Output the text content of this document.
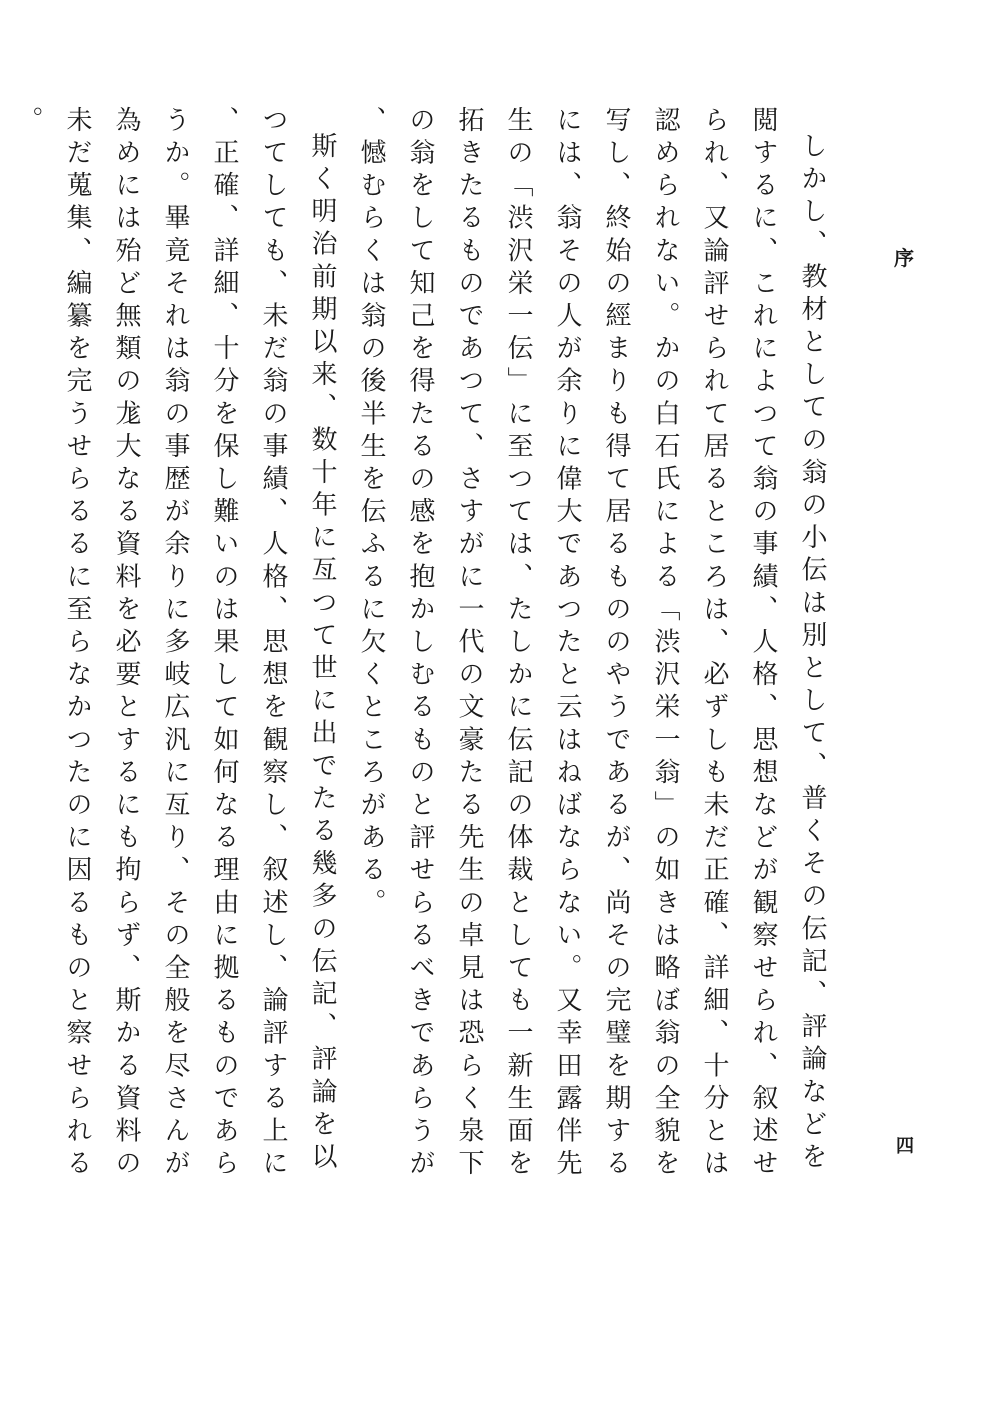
序

しかし、教材としての翁の小伝は別として、普くその伝記、評論などを閲するに、これによつて翁の事績、人格、思想などが観察せられ、叙述せられ、又論評せられて居るところは、必ずしも未だ正確、詳細、十分とは認められない。かの白石氏による「渋沢栄一翁」の如きは略ぼ翁の全貌を写し、終始の經まりも得て居るもののやうであるが、尚その完璧を期するには、翁その人が余りに偉大であつたと云はねばならない。又幸田露伴先生の「渋沢栄一伝」に至つては、たしかに伝記の体裁としても一新生面を拓きたるものであつて、さすがに一代の文豪たる先生の卓見は恐らく泉下の翁をして知己を得たるの感を抱かしむるものと評せらるべきであらうが、憾むらくは翁の後半生を伝ふるに欠くところがある。

斯く明治前期以来、数十年に亙つて世に出でたる幾多の伝記、評論を以つてしても、未だ翁の事績、人格、思想を観察し、叙述し、論評する上に、正確、詳細、十分を保し難いのは果して如何なる理由に拠るものであらうか。畢竟それは翁の事歴が余りに多岐広汎に亙り、その全般を尽さんが為めには殆ど無類の尨大なる資料を必要とするにも拘らず、斯かる資料の未だ蒐集、編纂を完うせらるるに至らなかつたのに因るものと察せられる。

四
